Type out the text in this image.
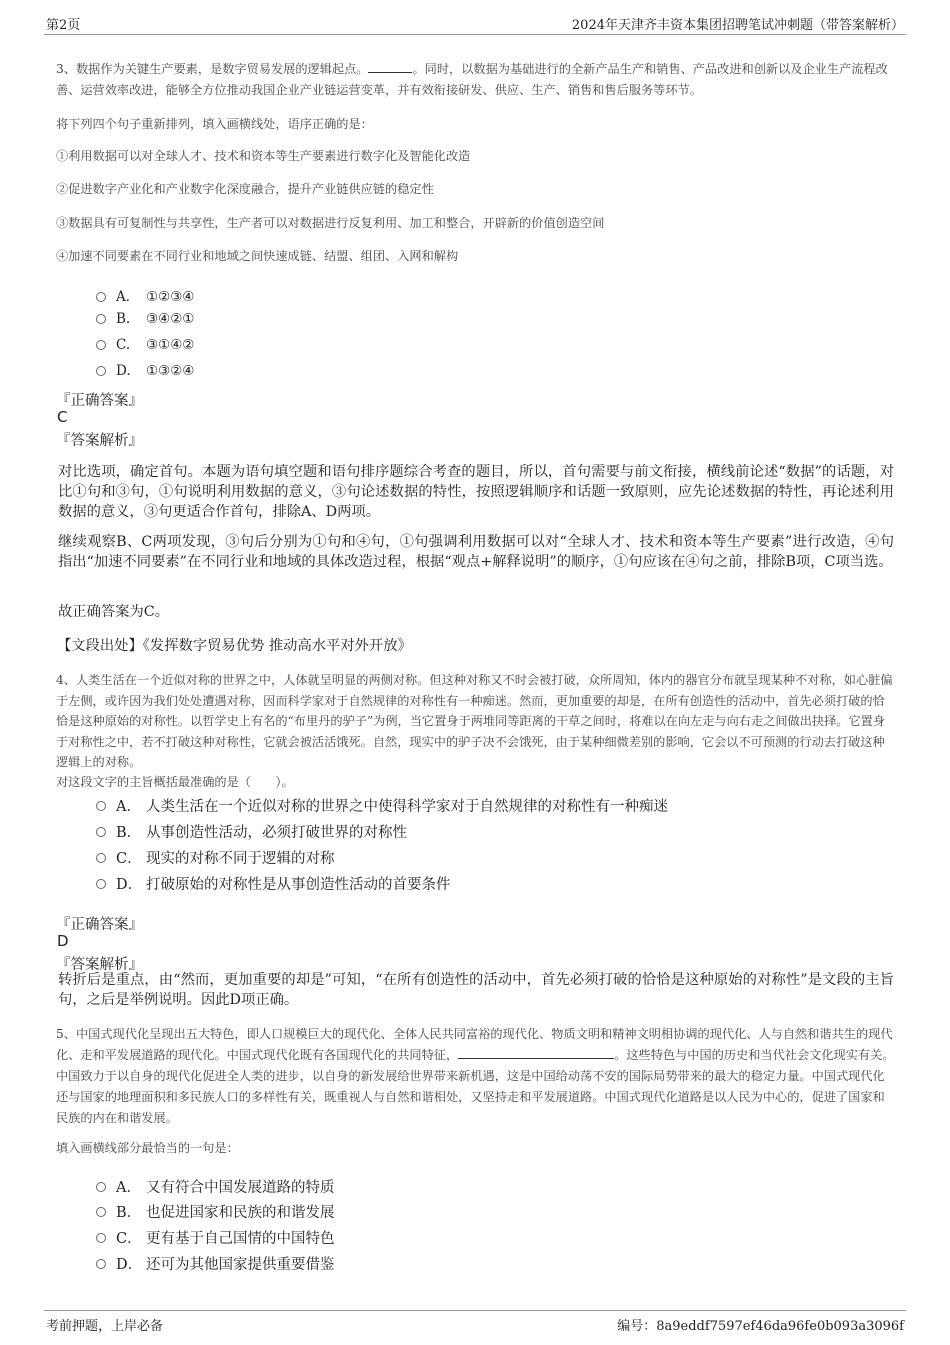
第2页	2024年天津齐丰资本集团招聘笔试冲刺题（带答案解析）

3、数据作为关键生产要素，是数字贸易发展的逻辑起点。	。同时，以数据为基础进行的全新产品生产和销售、产品改进和创新以及企业生产流程改善、运营效率改进，能够全方位推动我国企业产业链运营变革，并有效衔接研发、供应、生产、销售和售后服务等环节。

将下列四个句子重新排列，填入画横线处，语序正确的是：

①利用数据可以对全球人才、技术和资本等生产要素进行数字化及智能化改造

②促进数字产业化和产业数字化深度融合，提升产业链供应链的稳定性

③数据具有可复制性与共享性，生产者可以对数据进行反复利用、加工和整合，开辟新的价值创造空间

④加速不同要素在不同行业和地域之间快速成链、结盟、组团、入网和解构

A． ①②③④
B. ③④②①
C. ③①④②
D. ①③②④
『正确答案』
C
『答案解析』

对比选项，确定首句。本题为语句填空题和语句排序题综合考查的题目，所以，首句需要与前文衔接，横线前论述“数据”的话题，对比①句和③句，①句说明利用数据的意义，③句论述数据的特性，按照逻辑顺序和话题一致原则，应先论述数据的特性，再论述利用数据的意义，③句更适合作首句，排除A、D两项。

继续观察B、C两项发现，③句后分别为①句和④句，①句强调利用数据可以对“全球人才、技术和资本等生产要素”进行改造，④句指出“加速不同要素”在不同行业和地域的具体改造过程，根据“观点+解释说明”的顺序，①句应该在④句之前，排除B项，C项当选。

故正确答案为C。

【文段出处】《发挥数字贸易优势 推动高水平对外开放》

4、人类生活在一个近似对称的世界之中，人体就呈明显的两侧对称。但这种对称又不时会被打破，众所周知，体内的器官分布就呈现某种不对称，如心脏偏于左侧，或许因为我们处处遭遇对称，因而科学家对于自然规律的对称性有一种痴迷。然而，更加重要的却是，在所有创造性的活动中，首先必须打破的恰恰是这种原始的对称性。以哲学史上有名的“布里丹的驴子”为例，当它置身于两堆同等距离的干草之间时，将难以在向左走与向右走之间做出抉择。它置身于对称性之中，若不打破这种对称性，它就会被活活饿死。自然，现实中的驴子决不会饿死，由于某种细微差别的影响，它会以不可预测的行动去打破这种逻辑上的对称。

对这段文字的主旨概括最准确的是（　　）。

A． 人类生活在一个近似对称的世界之中使得科学家对于自然规律的对称性有一种痴迷
B． 从事创造性活动，必须打破世界的对称性
C． 现实的对称不同于逻辑的对称
D． 打破原始的对称性是从事创造性活动的首要条件
『正确答案』
D
『答案解析』

转折后是重点，由“然而，更加重要的却是”可知，“在所有创造性的活动中，首先必须打破的恰恰是这种原始的对称性”是文段的主旨句，之后是举例说明。因此D项正确。

5、中国式现代化呈现出五大特色，即人口规模巨大的现代化、全体人民共同富裕的现代化、物质文明和精神文明相协调的现代化、人与自然和谐共生的现代化、走和平发展道路的现代化。中国式现代化既有各国现代化的共同特征，	。这些特色与中国的历史和当代社会文化现实有关。中国致力于以自身的现代化促进全人类的进步，以自身的新发展给世界带来新机遇，这是中国给动荡不安的国际局势带来的最大的稳定力量。中国式现代化还与国家的地理面积和多民族人口的多样性有关，既重视人与自然和谐相处，又坚持走和平发展道路。中国式现代化道路是以人民为中心的，促进了国家和民族的内在和谐发展。

填入画横线部分最恰当的一句是：

A． 又有符合中国发展道路的特质
B． 也促进国家和民族的和谐发展
C． 更有基于自己国情的中国特色
D． 还可为其他国家提供重要借鉴
考前押题，上岸必备	编号：8a9eddf7597ef46da96fe0b093a3096f
